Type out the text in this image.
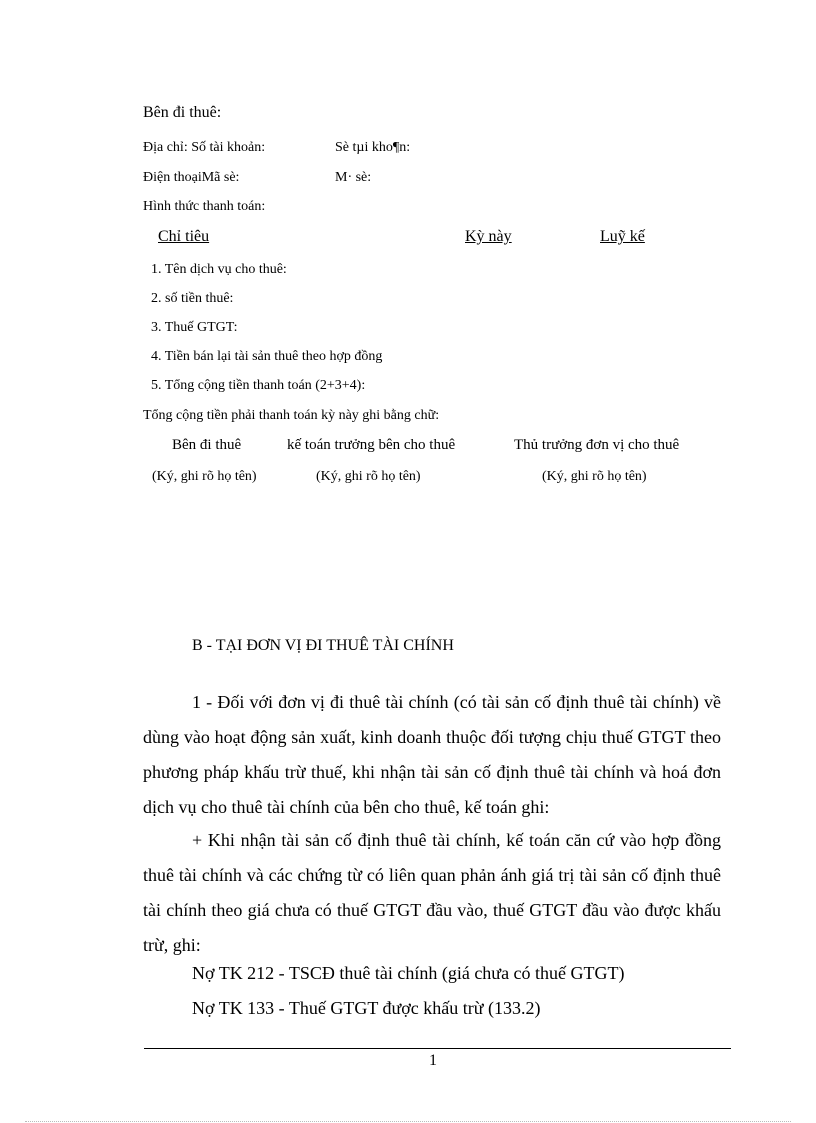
Bên đi thuê:
Địa chỉ: Số tài khoản:	Sè tµi kho¶n:
Điện thoạiMã sè:	M· sè:
Hình thức thanh toán:
Chỉ tiêu	Kỳ này	Luỹ kế
1. Tên dịch vụ cho thuê:
2. số tiền thuê:
3. Thuế GTGT:
4. Tiền bán lại tài sản thuê theo hợp đồng
5. Tổng cộng tiền thanh toán (2+3+4):
Tổng cộng tiền phải thanh toán kỳ này ghi bằng chữ:
Bên đi thuê	kế toán trưởng bên cho thuê	Thủ trưởng đơn vị cho thuê
(Ký, ghi rõ họ tên)	(Ký, ghi rõ họ tên)	(Ký, ghi rõ họ tên)
B - TẠI ĐƠN VỊ ĐI THUÊ TÀI CHÍNH
1 - Đối với đơn vị đi thuê tài chính (có tài sản cố định thuê tài chính) về dùng vào hoạt động sản xuất, kinh doanh thuộc đối tượng chịu thuế GTGT theo phương pháp khấu trừ thuế, khi nhận tài sản cố định thuê tài chính và hoá đơn dịch vụ cho thuê tài chính của bên cho thuê, kế toán ghi:
+ Khi nhận tài sản cố định thuê tài chính, kế toán căn cứ vào hợp đồng thuê tài chính và các chứng từ có liên quan phản ánh giá trị tài sản cố định thuê tài chính theo giá chưa có thuế GTGT đầu vào, thuế GTGT đầu vào được khấu trừ, ghi:
Nợ TK 212 - TSCĐ thuê tài chính (giá chưa có thuế GTGT)
Nợ TK 133 - Thuế GTGT được khấu trừ (133.2)
1
